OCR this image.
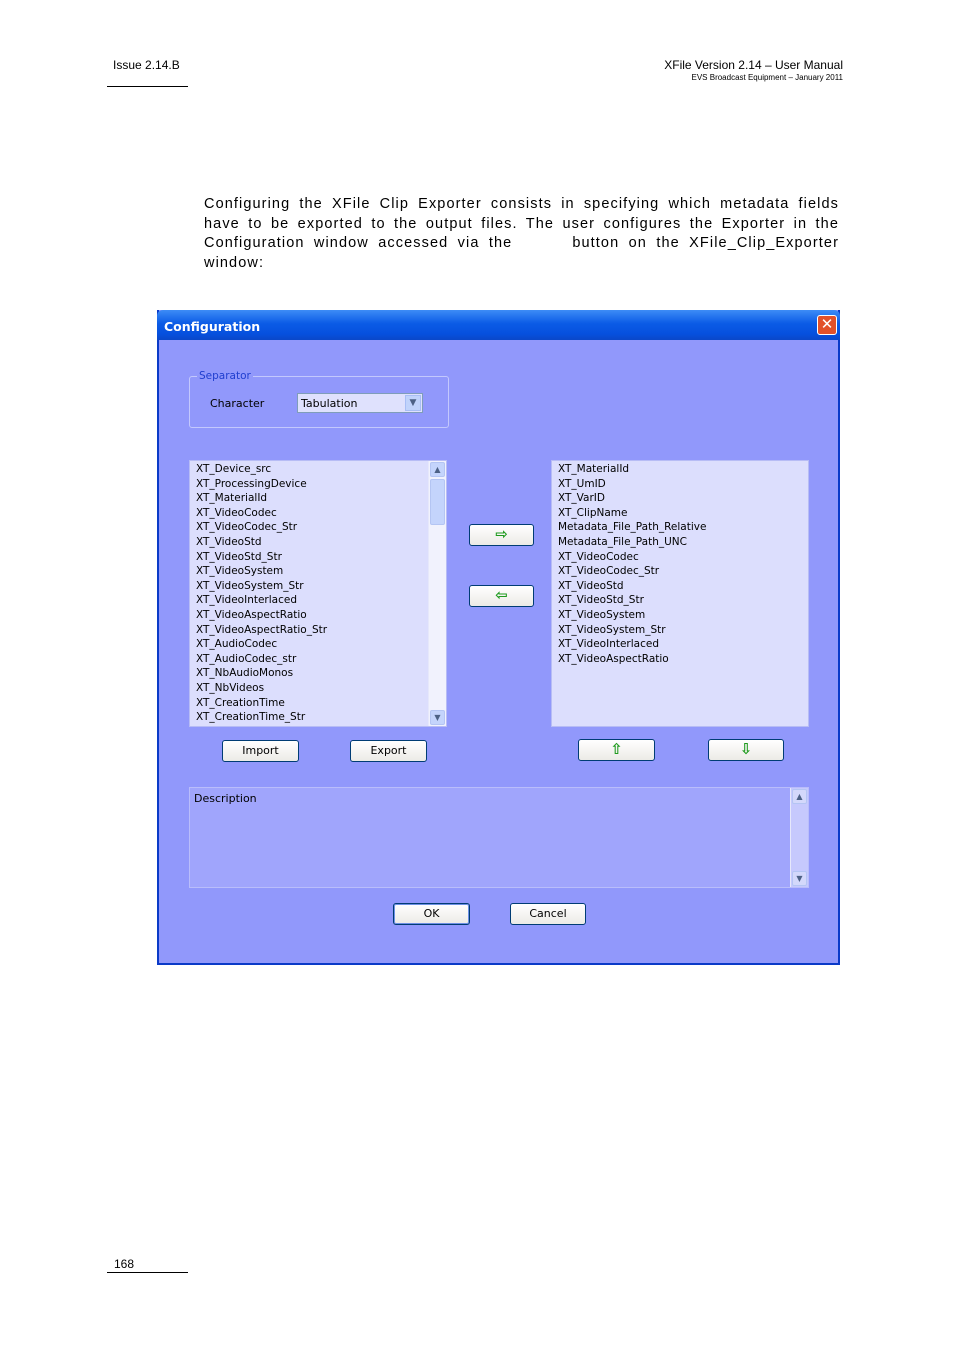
Issue 2.14.B	XFile Version 2.14 – User Manual
EVS Broadcast Equipment – January 2011
Configuring the XFile Clip Exporter consists in specifying which metadata fields
have to be exported to the output files. The user configures the Exporter in the
Configuration window accessed via the	button on the XFile_Clip_Exporter
window:
Configuration	✕
Separator
Character	Tabulation	▼
XT_Device_src
XT_ProcessingDevice
XT_MaterialId
XT_VideoCodec
XT_VideoCodec_Str
XT_VideoStd
XT_VideoStd_Str
XT_VideoSystem
XT_VideoSystem_Str
XT_VideoInterlaced
XT_VideoAspectRatio
XT_VideoAspectRatio_Str
XT_AudioCodec
XT_AudioCodec_str
XT_NbAudioMonos
XT_NbVideos
XT_CreationTime
XT_CreationTime_Str
▲
▼
⇨
⇦
XT_MaterialId
XT_UmID
XT_VarID
XT_ClipName
Metadata_File_Path_Relative
Metadata_File_Path_UNC
XT_VideoCodec
XT_VideoCodec_Str
XT_VideoStd
XT_VideoStd_Str
XT_VideoSystem
XT_VideoSystem_Str
XT_VideoInterlaced
XT_VideoAspectRatio
Import	Export	⇧	⇩
Description	▲
▼
OK	Cancel
168
